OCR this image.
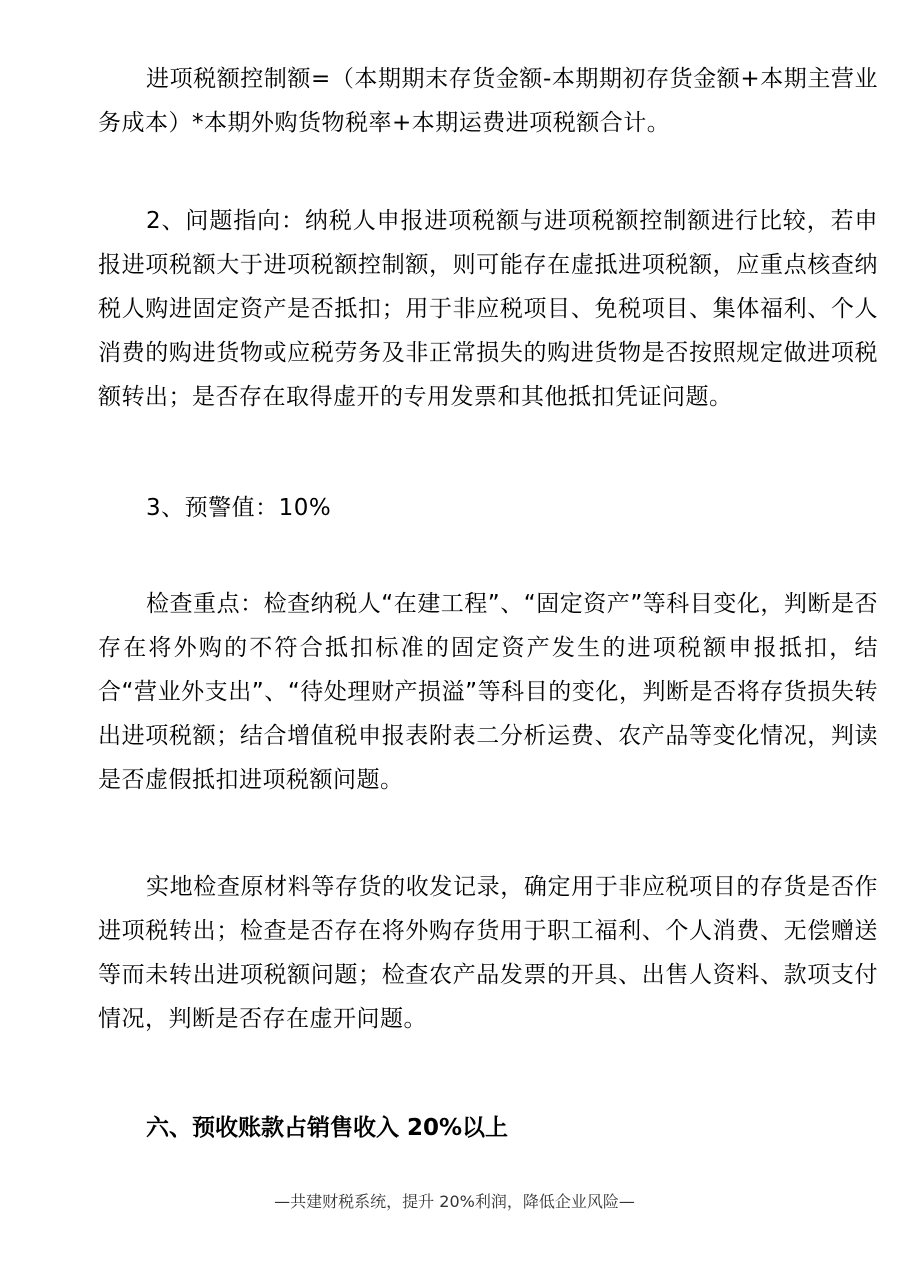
进项税额控制额=（本期期末存货金额-本期期初存货金额+本期主营业务成本）*本期外购货物税率+本期运费进项税额合计。

2、问题指向：纳税人申报进项税额与进项税额控制额进行比较，若申报进项税额大于进项税额控制额，则可能存在虚抵进项税额，应重点核查纳税人购进固定资产是否抵扣；用于非应税项目、免税项目、集体福利、个人消费的购进货物或应税劳务及非正常损失的购进货物是否按照规定做进项税额转出；是否存在取得虚开的专用发票和其他抵扣凭证问题。

3、预警值：10%

检查重点：检查纳税人“在建工程”、“固定资产”等科目变化，判断是否存在将外购的不符合抵扣标准的固定资产发生的进项税额申报抵扣，结合“营业外支出”、“待处理财产损溢”等科目的变化，判断是否将存货损失转出进项税额；结合增值税申报表附表二分析运费、农产品等变化情况，判读是否虚假抵扣进项税额问题。

实地检查原材料等存货的收发记录，确定用于非应税项目的存货是否作进项税转出；检查是否存在将外购存货用于职工福利、个人消费、无偿赠送等而未转出进项税额问题；检查农产品发票的开具、出售人资料、款项支付情况，判断是否存在虚开问题。

六、预收账款占销售收入 20%以上

—共建财税系统，提升 20%利润，降低企业风险—
